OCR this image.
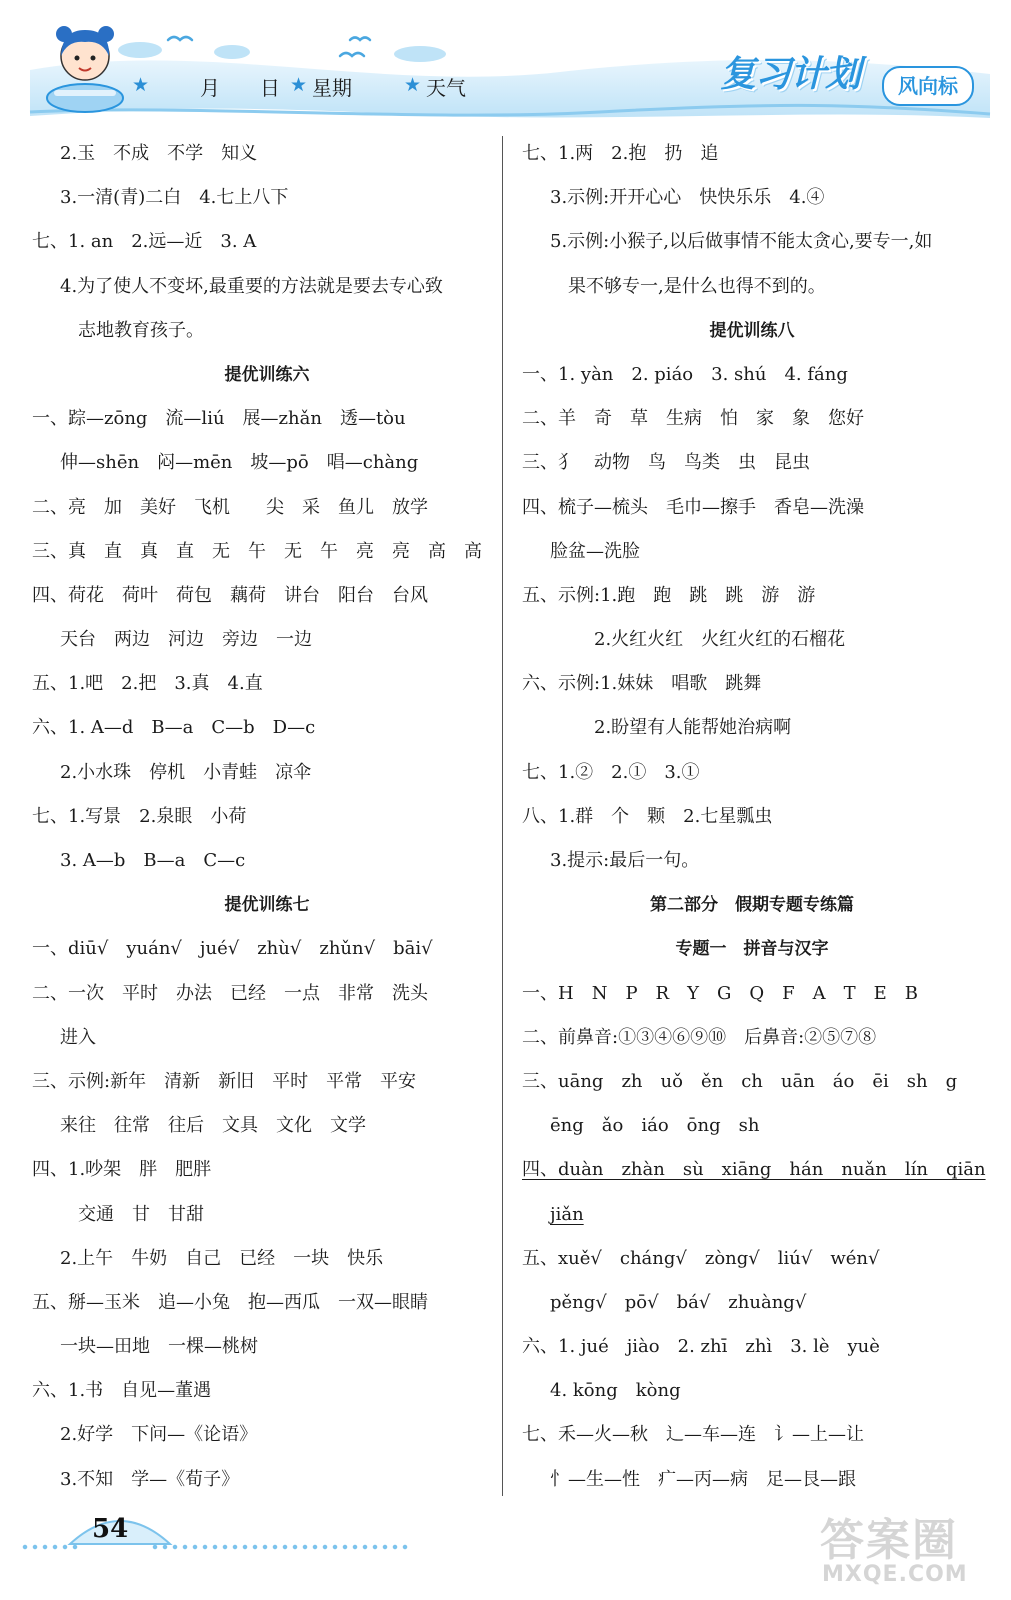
★	月 日 ★ 星期	★ 天气	复习计划	风向标
2.玉　不成　不学　知义
3.一清(青)二白　4.七上八下
七、1. an　2.远—近　3. A
4.为了使人不变坏,最重要的方法就是要去专心致
志地教育孩子。
提优训练六
一、踪—zōng　流—liú　展—zhǎn　透—tòu
伸—shēn　闷—mēn　坡—pō　唱—chàng
二、亮　加　美好　飞机　　尖　采　鱼儿　放学
三、真　直　真　直　无　午　无　午　亮　亮　高　高
四、荷花　荷叶　荷包　藕荷　讲台　阳台　台风
天台　两边　河边　旁边　一边
五、1.吧　2.把　3.真　4.直
六、1. A—d　B—a　C—b　D—c
2.小水珠　停机　小青蛙　凉伞
七、1.写景　2.泉眼　小荷
3. A—b　B—a　C—c
提优训练七
一、diū√　yuán√　jué√　zhù√　zhǔn√　bāi√
二、一次　平时　办法　已经　一点　非常　洗头
进入
三、示例:新年　清新　新旧　平时　平常　平安
来往　往常　往后　文具　文化　文学
四、1.吵架　胖　肥胖
交通　甘　甘甜
2.上午　牛奶　自己　已经　一块　快乐
五、掰—玉米　追—小兔　抱—西瓜　一双—眼睛
一块—田地　一棵—桃树
六、1.书　自见—董遇
2.好学　下问—《论语》
3.不知　学—《荀子》
七、1.两　2.抱　扔　追
3.示例:开开心心　快快乐乐　4.④
5.示例:小猴子,以后做事情不能太贪心,要专一,如
果不够专一,是什么也得不到的。
提优训练八
一、1. yàn　2. piáo　3. shú　4. fáng
二、羊　奇　草　生病　怕　家　象　您好
三、犭　动物　鸟　鸟类　虫　昆虫
四、梳子—梳头　毛巾—擦手　香皂—洗澡
脸盆—洗脸
五、示例:1.跑　跑　跳　跳　游　游
2.火红火红　火红火红的石榴花
六、示例:1.妹妹　唱歌　跳舞
2.盼望有人能帮她治病啊
七、1.②　2.①　3.①
八、1.群　个　颗　2.七星瓢虫
3.提示:最后一句。
第二部分　假期专题专练篇
专题一　拼音与汉字
一、H　N　P　R　Y　G　Q　F　A　T　E　B
二、前鼻音:①③④⑥⑨⑩　后鼻音:②⑤⑦⑧
三、uāng　zh　uǒ　ěn　ch　uān　áo　ēi　sh　g
ēng　ǎo　iáo　ōng　sh
四、duàn　zhàn　sù　xiāng　hán　nuǎn　lín　qiān
jiǎn
五、xuě√　cháng√　zòng√　liú√　wén√
pěng√　pō√　bá√　zhuàng√
六、1. jué　jiào　2. zhī　zhì　3. lè　yuè
4. kōng　kòng
七、禾—火—秋　辶—车—连　讠—上—让
忄—生—性　疒—丙—病　足—艮—跟
54	答案圈
MXQE.COM
